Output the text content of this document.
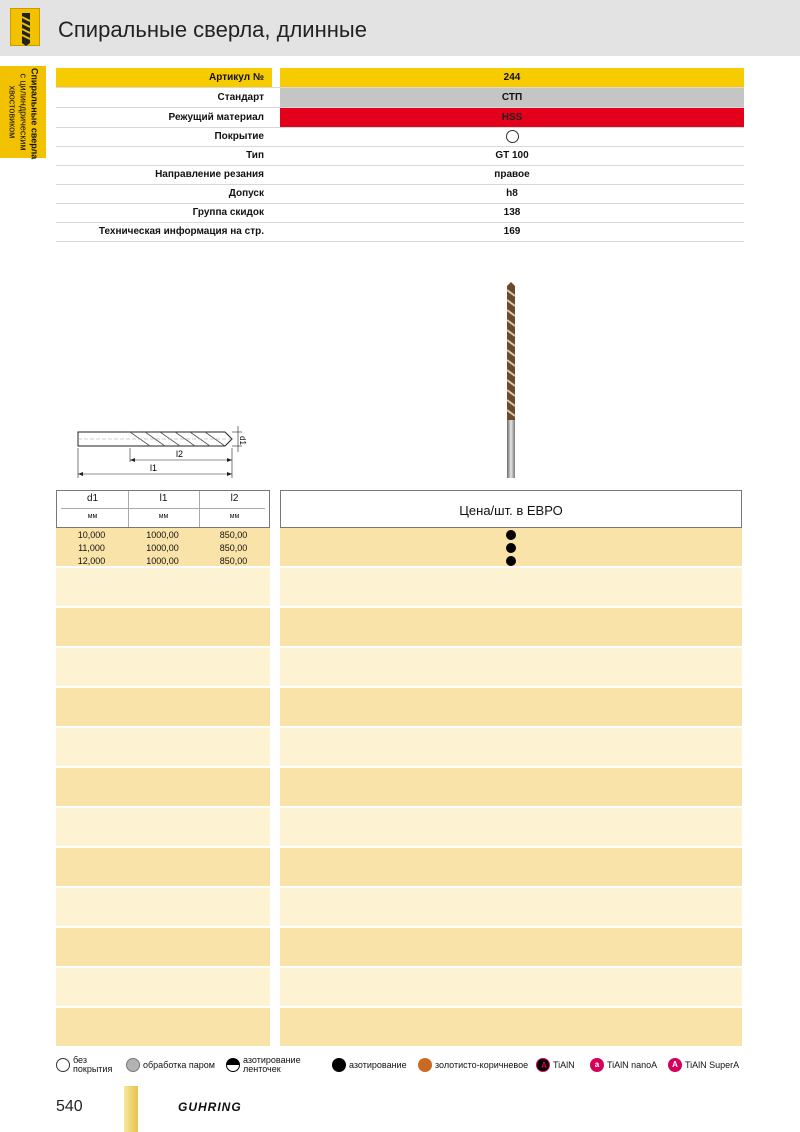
Спиральные сверла, длинные
Спиральные сверла
с цилиндрическим
хвостовиком
Артикул №	244
Стандарт	СТП
Режущий материал	HSS
Покрытие
Тип	GT 100
Направление резания	правое
Допуск	h8
Группа скидок	138
Техническая информация на стр.	169
d1
l2
l1
d1	l1	l2
мм	мм	мм	Цена/шт. в ЕВРО
10,000	1000,00	850,00
11,000	1000,00	850,00
12,000	1000,00	850,00
без покрытия	обработка паром	азотирование ленточек	азотирование	золотисто-коричневое	A TiAlN	a TiAlN nanoA	A TiAlN SuperA
540	GUHRING
